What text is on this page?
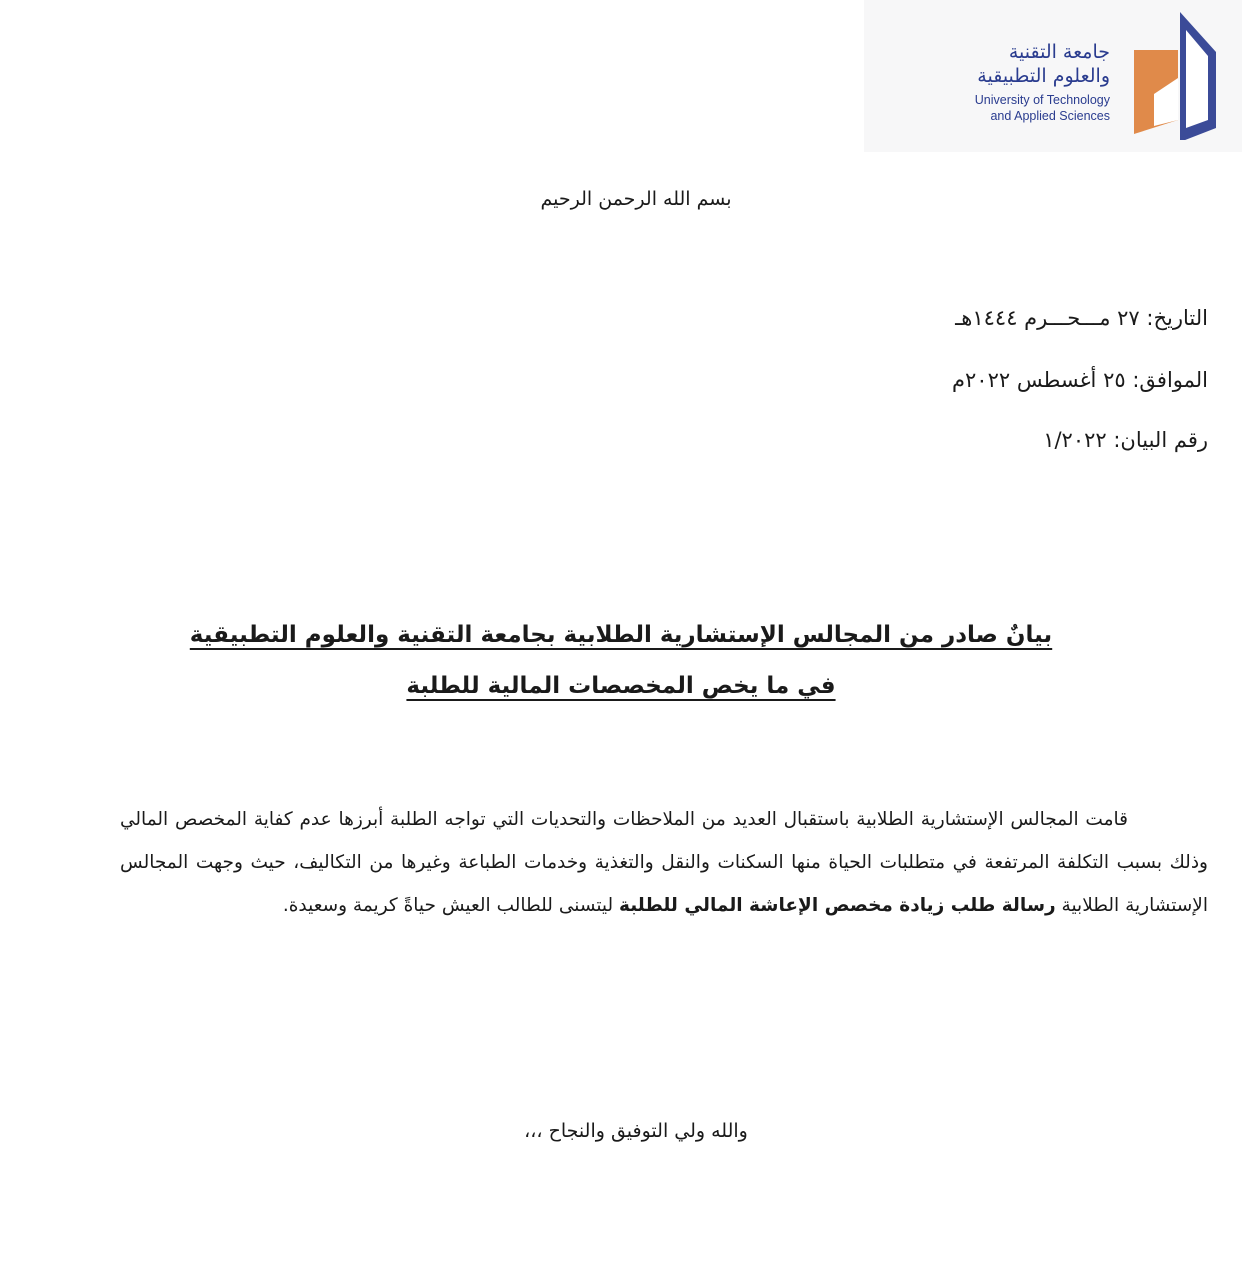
جامعة التقنية
والعلوم التطبيقية
University of Technology
and Applied Sciences
بسم الله الرحمن الرحيم
التاريخ: ٢٧ مـــحـــرم ١٤٤٤هـ
الموافق: ٢٥ أغسطس ٢٠٢٢م
رقم البيان: ١/٢٠٢٢
بيانٌ صادر من المجالس الإستشارية الطلابية بجامعة التقنية والعلوم التطبيقية
في ما يخص المخصصات المالية للطلبة
قامت المجالس الإستشارية الطلابية باستقبال العديد من الملاحظات والتحديات التي تواجه الطلبة أبرزها عدم كفاية المخصص المالي وذلك بسبب التكلفة المرتفعة في متطلبات الحياة منها السكنات والنقل والتغذية وخدمات الطباعة وغيرها من التكاليف، حيث وجهت المجالس الإستشارية الطلابية رسالة طلب زيادة مخصص الإعاشة المالي للطلبة ليتسنى للطالب العيش حياةً كريمة وسعيدة.
والله ولي التوفيق والنجاح ،،،
